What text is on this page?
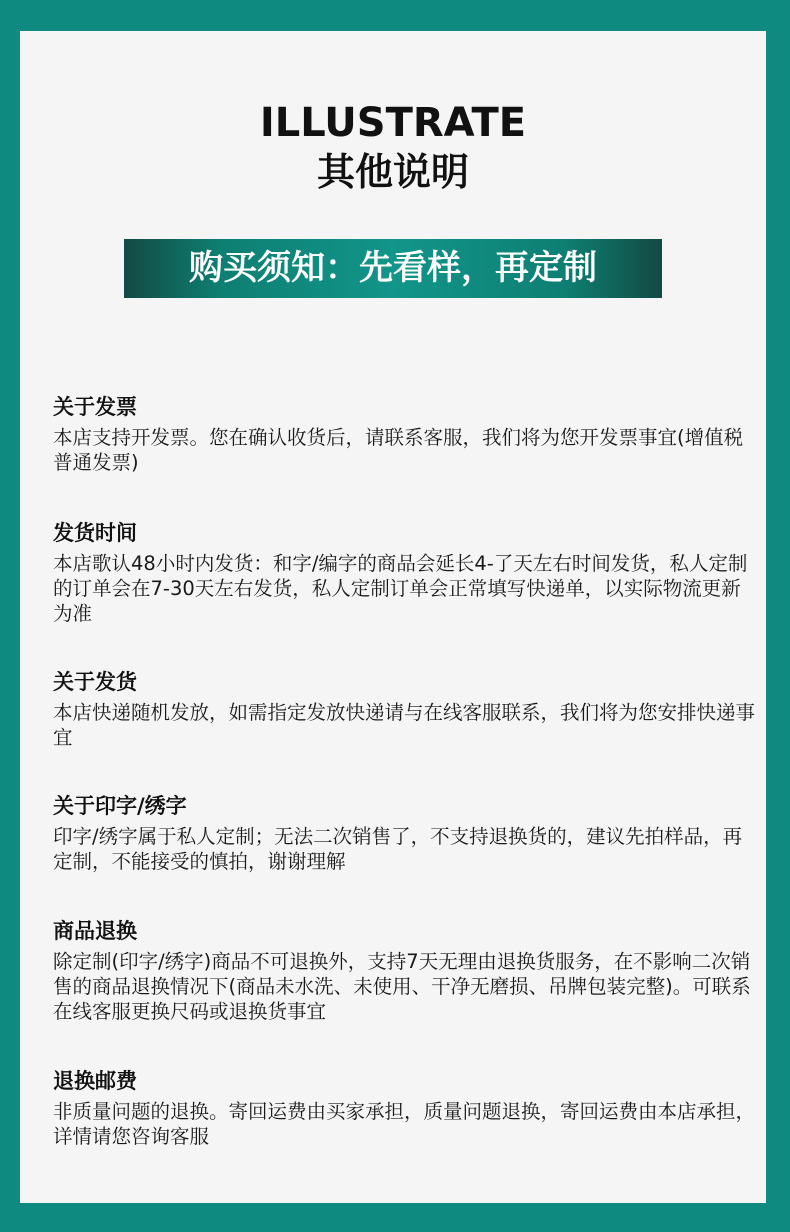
ILLUSTRATE
其他说明
购买须知：先看样，再定制
关于发票

本店支持开发票。您在确认收货后，请联系客服，我们将为您开发票事宜(增值税普通发票)

发货时间

本店歌认48小时内发货：和字/编字的商品会延长4-了天左右时间发货，私人定制的订单会在7-30天左右发货，私人定制订单会正常填写快递单，以实际物流更新为准

关于发货

本店快递随机发放，如需指定发放快递请与在线客服联系，我们将为您安排快递事宜

关于印字/绣字

印字/绣字属于私人定制；无法二次销售了，不支持退换货的，建议先拍样品，再定制，不能接受的慎拍，谢谢理解

商品退换

除定制(印字/绣字)商品不可退换外，支持7天无理由退换货服务，在不影响二次销售的商品退换情况下(商品未水洗、未使用、干净无磨损、吊牌包装完整)。可联系在线客服更换尺码或退换货事宜

退换邮费

非质量问题的退换。寄回运费由买家承担，质量问题退换，寄回运费由本店承担，详情请您咨询客服
